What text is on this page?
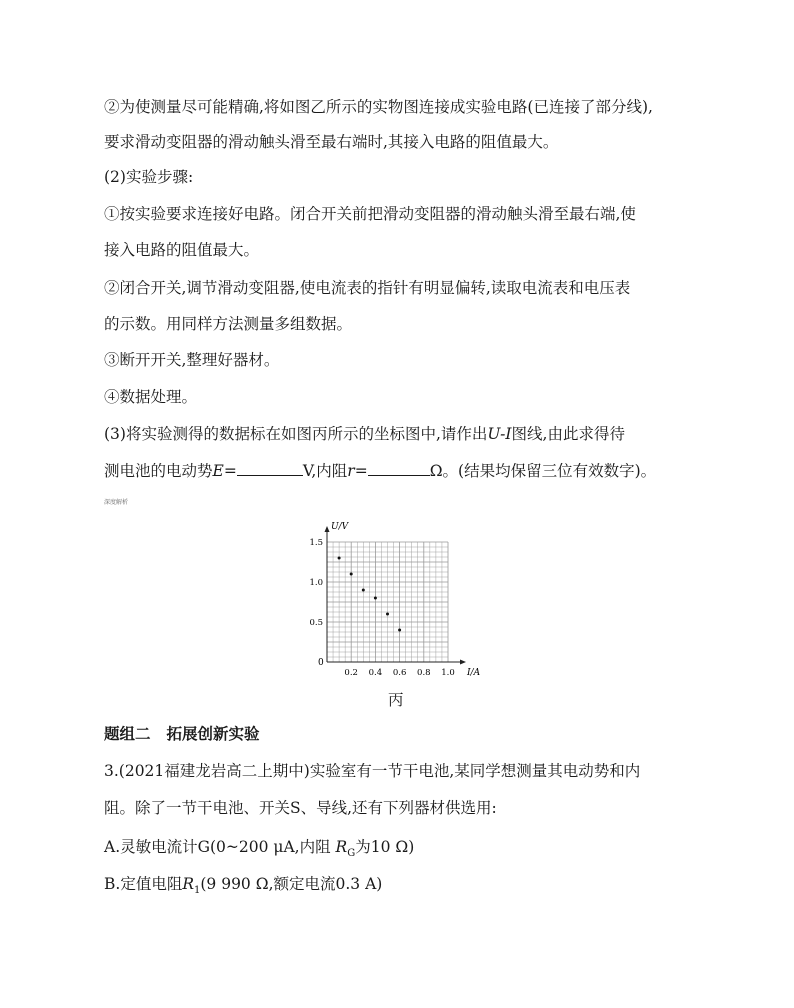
②为使测量尽可能精确,将如图乙所示的实物图连接成实验电路(已连接了部分线),
要求滑动变阻器的滑动触头滑至最右端时,其接入电路的阻值最大。
(2)实验步骤:
①按实验要求连接好电路。闭合开关前把滑动变阻器的滑动触头滑至最右端,使
接入电路的阻值最大。
②闭合开关,调节滑动变阻器,使电流表的指针有明显偏转,读取电流表和电压表
的示数。用同样方法测量多组数据。
③断开开关,整理好器材。
④数据处理。
(3)将实验测得的数据标在如图丙所示的坐标图中,请作出U-I图线,由此求得待
测电池的电动势E=	V,内阻r=	Ω。(结果均保留三位有效数字)。
深度解析
I/A
U/V
0
0.2 0.4 0.6 0.8 1.0
0.5
1.0
1.5
丙
题组二 拓展创新实验
3.(2021福建龙岩高二上期中)实验室有一节干电池,某同学想测量其电动势和内
阻。除了一节干电池、开关S、导线,还有下列器材供选用:
A.灵敏电流计G(0~200 μA,内阻 $R_G$为10 Ω)
B.定值电阻$R_1(9$ 990 Ω,额定电流0.3 A)
